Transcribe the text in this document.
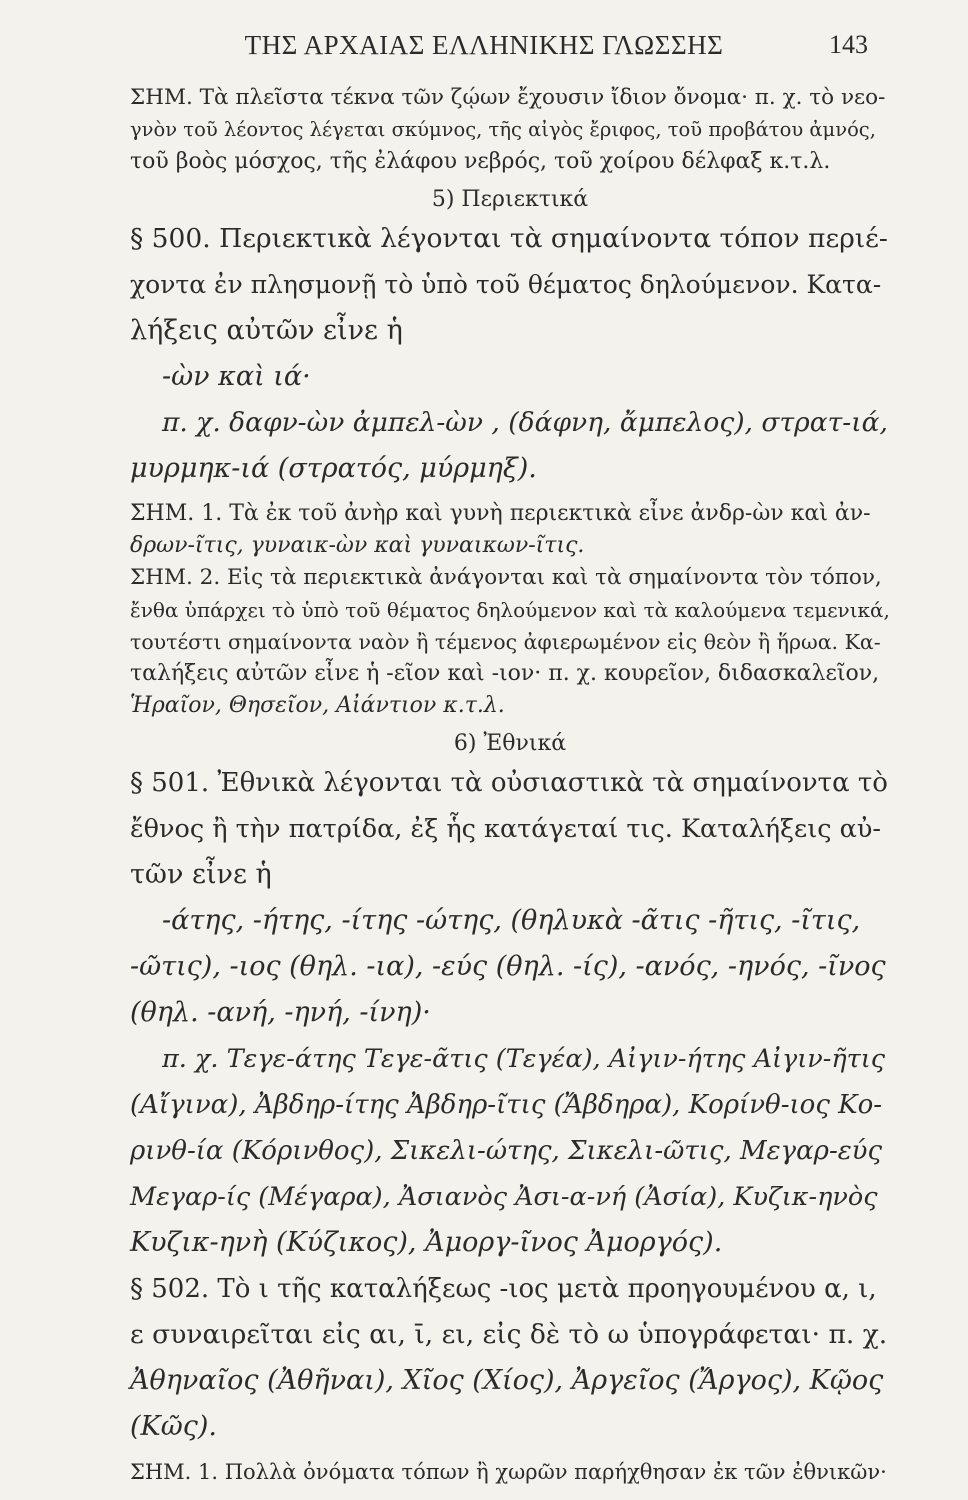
ΤΗΣ ΑΡΧΑΙΑΣ ΕΛΛΗΝΙΚΗΣ ΓΛΩΣΣΗΣ	143

ΣΗΜ. Τὰ πλεῖστα τέκνα τῶν ζῴων ἔχουσιν ἴδιον ὄνομα· π. χ. τὸ νεο-

γνὸν τοῦ λέοντος λέγεται σκύμνος, τῆς αἰγὸς ἔριφος, τοῦ προβάτου ἀμνός,

τοῦ βοὸς μόσχος, τῆς ἐλάφου νεβρός, τοῦ χοίρου δέλφαξ κ.τ.λ.

5) Περιεκτικά

§ 500. Περιεκτικὰ λέγονται τὰ σημαίνοντα τόπον περιέ-

χοντα ἐν πλησμονῇ τὸ ὑπὸ τοῦ θέματος δηλούμενον. Κατα-

λήξεις αὐτῶν εἶνε ἡ

-ὼν καὶ ιά·

π. χ. δαφν-ὼν ἀμπελ-ὼν , (δάφνη, ἄμπελος), στρατ-ιά,

μυρμηκ-ιά (στρατός, μύρμηξ).

ΣΗΜ. 1. Τὰ ἐκ τοῦ ἀνὴρ καὶ γυνὴ περιεκτικὰ εἶνε ἀνδρ-ὼν καὶ ἀν-

δρων-ῖτις, γυναικ-ὼν καὶ γυναικων-ῖτις.

ΣΗΜ. 2. Εἰς τὰ περιεκτικὰ ἀνάγονται καὶ τὰ σημαίνοντα τὸν τόπον,

ἔνθα ὑπάρχει τὸ ὑπὸ τοῦ θέματος δηλούμενον καὶ τὰ καλούμενα τεμενικά,

τουτέστι σημαίνοντα ναὸν ἢ τέμενος ἀφιερωμένον εἰς θεὸν ἢ ἥρωα. Κα-

ταλήξεις αὐτῶν εἶνε ἡ -εῖον καὶ -ιον· π. χ. κουρεῖον, διδασκαλεῖον,

Ἡραῖον, Θησεῖον, Αἰάντιον κ.τ.λ.

6) Ἐθνικά

§ 501. Ἐθνικὰ λέγονται τὰ οὐσιαστικὰ τὰ σημαίνοντα τὸ

ἔθνος ἢ τὴν πατρίδα, ἐξ ἧς κατάγεταί τις. Καταλήξεις αὐ-

τῶν εἶνε ἡ

-άτης, -ήτης, -ίτης -ώτης, (θηλυκὰ -ᾶτις -ῆτις, -ῖτις,

-ῶτις), -ιος (θηλ. -ια), -εύς (θηλ. -ίς), -ανός, -ηνός, -ῖνος

(θηλ. -ανή, -ηνή, -ίνη)·

π. χ. Τεγε-άτης Τεγε-ᾶτις (Τεγέα), Αἰγιν-ήτης Αἰγιν-ῆτις

(Αἴγινα), Ἀβδηρ-ίτης Ἀβδηρ-ῖτις (Ἄβδηρα), Κορίνθ-ιος Κο-

ρινθ-ία (Κόρινθος), Σικελι-ώτης, Σικελι-ῶτις, Μεγαρ-εύς

Μεγαρ-ίς (Μέγαρα), Ἀσιανὸς Ἀσι-α-νή (Ἀσία), Κυζικ-ηνὸς

Κυζικ-ηνὴ (Κύζικος), Ἀμοργ-ῖνος Ἀμοργός).

§ 502. Τὸ ι τῆς καταλήξεως -ιος μετὰ προηγουμένου α, ι,

ε συναιρεῖται εἰς αι, ῑ, ει, εἰς δὲ τὸ ω ὑπογράφεται· π. χ.

Ἀθηναῖος (Ἀθῆναι), Χῖος (Χίος), Ἀργεῖος (Ἄργος), Κῷος

(Κῶς).

ΣΗΜ. 1. Πολλὰ ὀνόματα τόπων ἢ χωρῶν παρήχθησαν ἐκ τῶν ἐθνικῶν·
